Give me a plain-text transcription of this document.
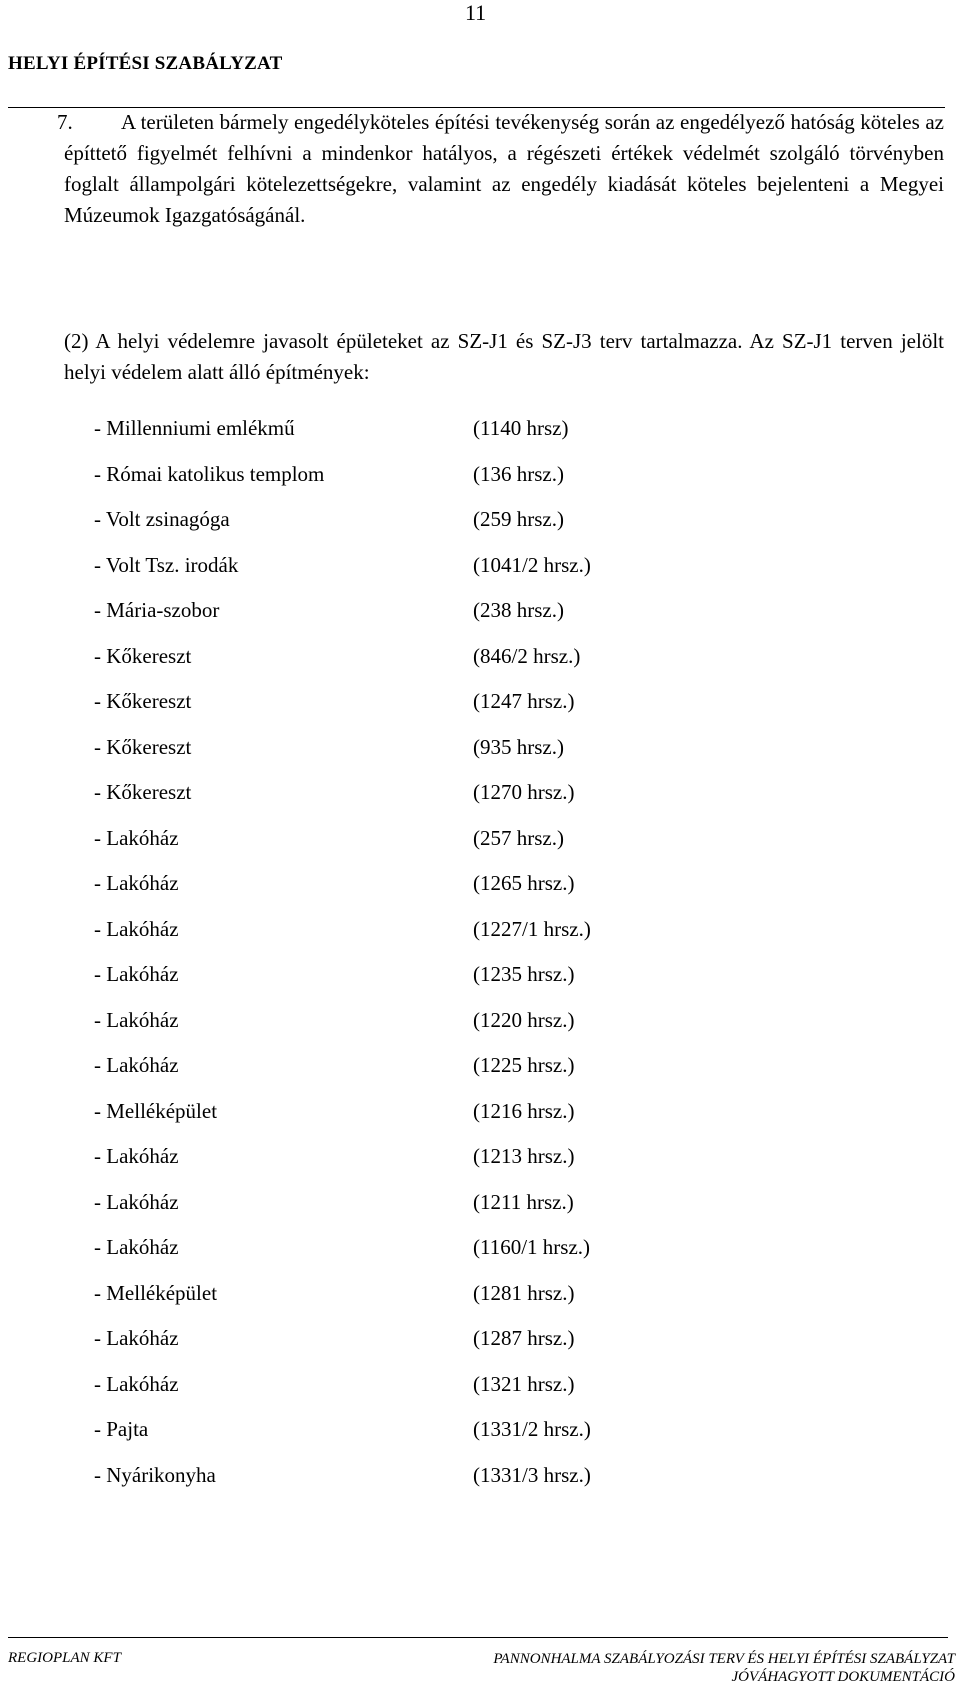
11
HELYI ÉPÍTÉSI SZABÁLYZAT
7. A területen bármely engedélyköteles építési tevékenység során az engedélyező hatóság köteles az építtető figyelmét felhívni a mindenkor hatályos, a régészeti értékek védelmét szolgáló törvényben foglalt állampolgári kötelezettségekre, valamint az engedély kiadását köteles bejelenteni a Megyei Múzeumok Igazgatóságánál.
(2) A helyi védelemre javasolt épületeket az SZ-J1 és SZ-J3 terv tartalmazza. Az SZ-J1 terven jelölt helyi védelem alatt álló építmények:
- Millenniumi emlékmű	(1140 hrsz)
- Római katolikus templom	(136 hrsz.)
- Volt zsinagóga	(259 hrsz.)
- Volt Tsz. irodák	(1041/2 hrsz.)
- Mária-szobor	(238 hrsz.)
- Kőkereszt	(846/2 hrsz.)
- Kőkereszt	(1247 hrsz.)
- Kőkereszt	(935 hrsz.)
- Kőkereszt	(1270 hrsz.)
- Lakóház	(257 hrsz.)
- Lakóház	(1265 hrsz.)
- Lakóház	(1227/1 hrsz.)
- Lakóház	(1235 hrsz.)
- Lakóház	(1220 hrsz.)
- Lakóház	(1225 hrsz.)
- Melléképület	(1216 hrsz.)
- Lakóház	(1213 hrsz.)
- Lakóház	(1211 hrsz.)
- Lakóház	(1160/1 hrsz.)
- Melléképület	(1281 hrsz.)
- Lakóház	(1287 hrsz.)
- Lakóház	(1321 hrsz.)
- Pajta	(1331/2 hrsz.)
- Nyárikonyha	(1331/3 hrsz.)
REGIOPLAN KFT	PANNONHALMA SZABÁLYOZÁSI TERV ÉS HELYI ÉPÍTÉSI SZABÁLYZAT
JÓVÁHAGYOTT DOKUMENTÁCIÓ
